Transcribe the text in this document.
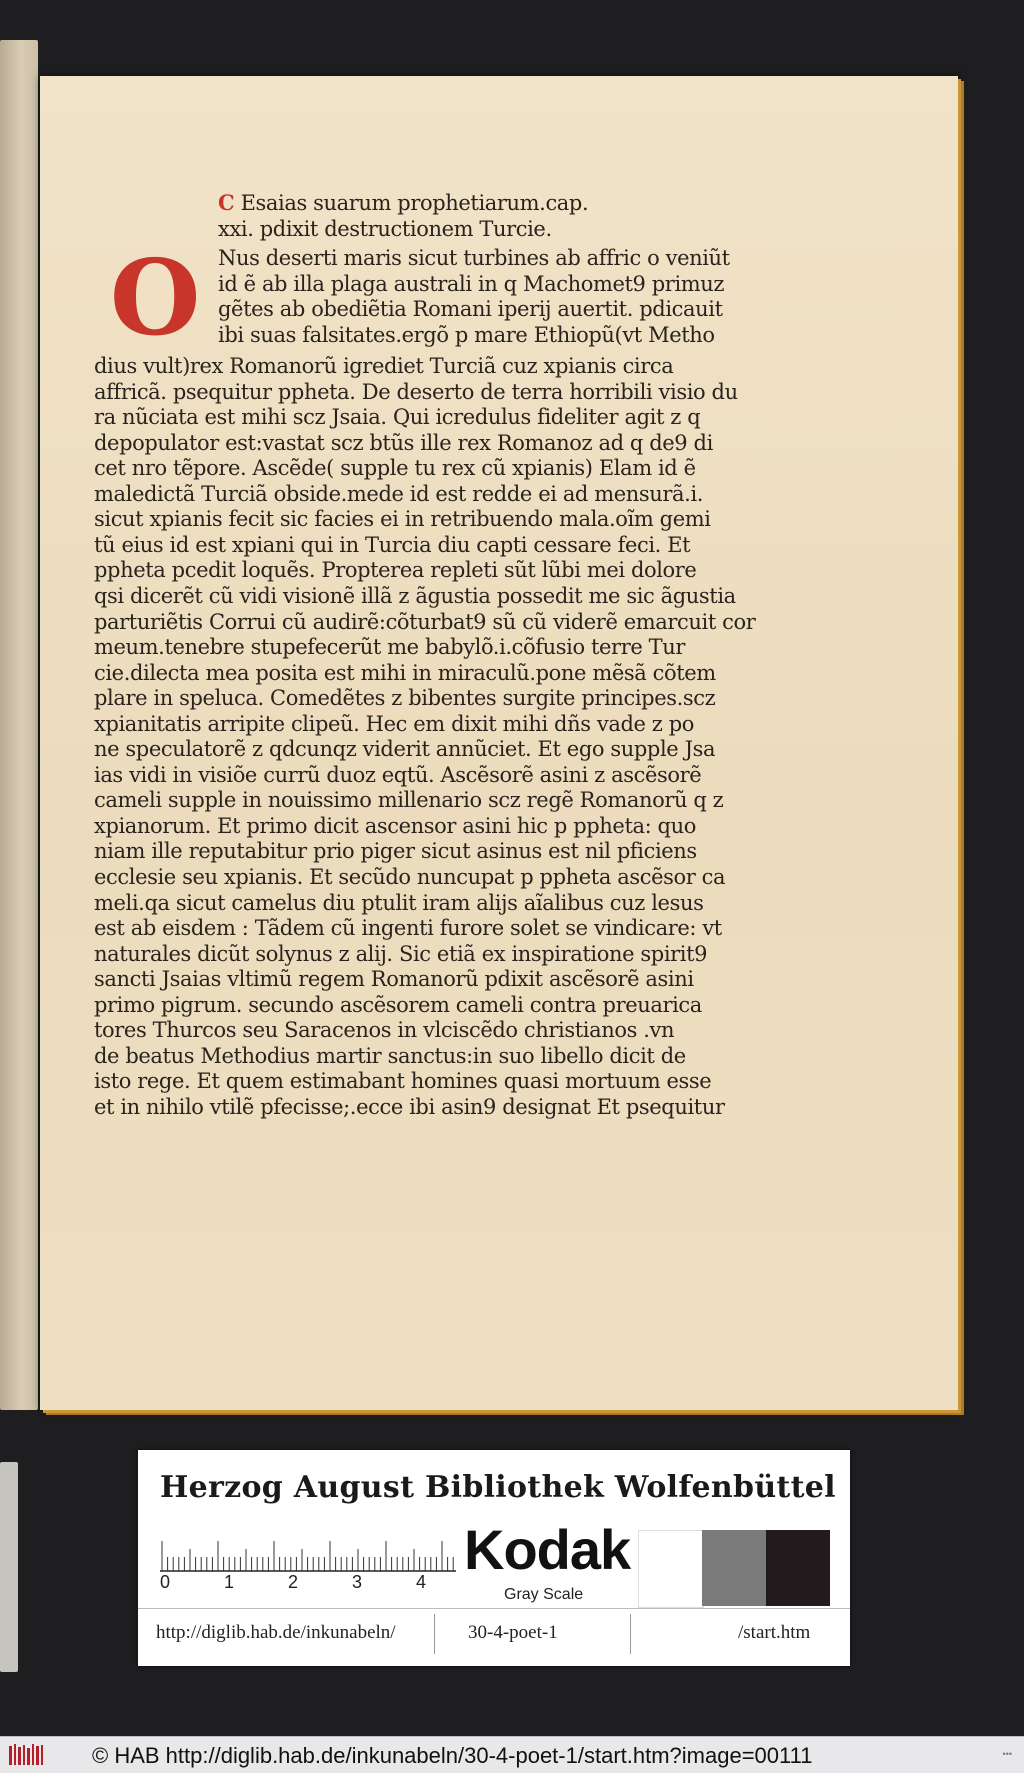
C Esaias suarum prophetiarum.cap.
xxi. pdixit destructionem Turcie.
O Nus deserti maris sicut turbines ab affric o veniũt
id ẽ ab illa plaga australi in q Machomet9 primuz
gẽtes ab obediẽtia Romani iperij auertit. pdicauit
ibi suas falsitates.ergõ p mare Ethiopũ(vt Metho
dius vult)rex Romanorũ igrediet Turciã cuz xpianis circa
affricã. psequitur ppheta. De deserto de terra horribili visio du
ra nũciata est mihi scz Jsaia. Qui icredulus fideliter agit z q
depopulator est:vastat scz btũs ille rex Romanoz ad q de9 di
cet nro tẽpore. Ascẽde( supple tu rex cũ xpianis) Elam id ẽ
maledictã Turciã obside.mede id est redde ei ad mensurã.i.
sicut xpianis fecit sic facies ei in retribuendo mala.oĩm gemi
tũ eius id est xpiani qui in Turcia diu capti cessare feci. Et
ppheta pcedit loquẽs. Propterea repleti sũt lũbi mei dolore
qsi dicerẽt cũ vidi visionẽ illã z ãgustia possedit me sic ãgustia
parturiẽtis Corrui cũ audirẽ:cõturbat9 sũ cũ viderẽ emarcuit cor
meum.tenebre stupefecerũt me babylõ.i.cõfusio terre Tur
cie.dilecta mea posita est mihi in miraculũ.pone mẽsã cõtem
plare in speluca. Comedẽtes z bibentes surgite principes.scz
xpianitatis arripite clipeũ. Hec em dixit mihi dñs vade z po
ne speculatorẽ z qdcunqz viderit annũciet. Et ego supple Jsa
ias vidi in visiõe currũ duoz eqtũ. Ascẽsorẽ asini z ascẽsorẽ
cameli supple in nouissimo millenario scz regẽ Romanorũ q z
xpianorum. Et primo dicit ascensor asini hic p ppheta: quo
niam ille reputabitur prio piger sicut asinus est nil pficiens
ecclesie seu xpianis. Et secũdo nuncupat p ppheta ascẽsor ca
meli.qa sicut camelus diu ptulit iram alijs aĩalibus cuz lesus
est ab eisdem : Tãdem cũ ingenti furore solet se vindicare: vt
naturales dicũt solynus z alij. Sic etiã ex inspiratione spirit9
sancti Jsaias vltimũ regem Romanorũ pdixit ascẽsorẽ asini
primo pigrum. secundo ascẽsorem cameli contra preuarica
tores Thurcos seu Saracenos in vlciscẽdo christianos .vn
de beatus Methodius martir sanctus:in suo libello dicit de
isto rege. Et quem estimabant homines quasi mortuum esse
et in nihilo vtilẽ pfecisse;.ecce ibi asin9 designat Et psequitur
Herzog August Bibliothek Wolfenbüttel
0	1	2	3	4
Kodak
Gray Scale
http://diglib.hab.de/inkunabeln/	30-4-poet-1	/start.htm
© HAB http://diglib.hab.de/inkunabeln/30-4-poet-1/start.htm?image=00111	•••
